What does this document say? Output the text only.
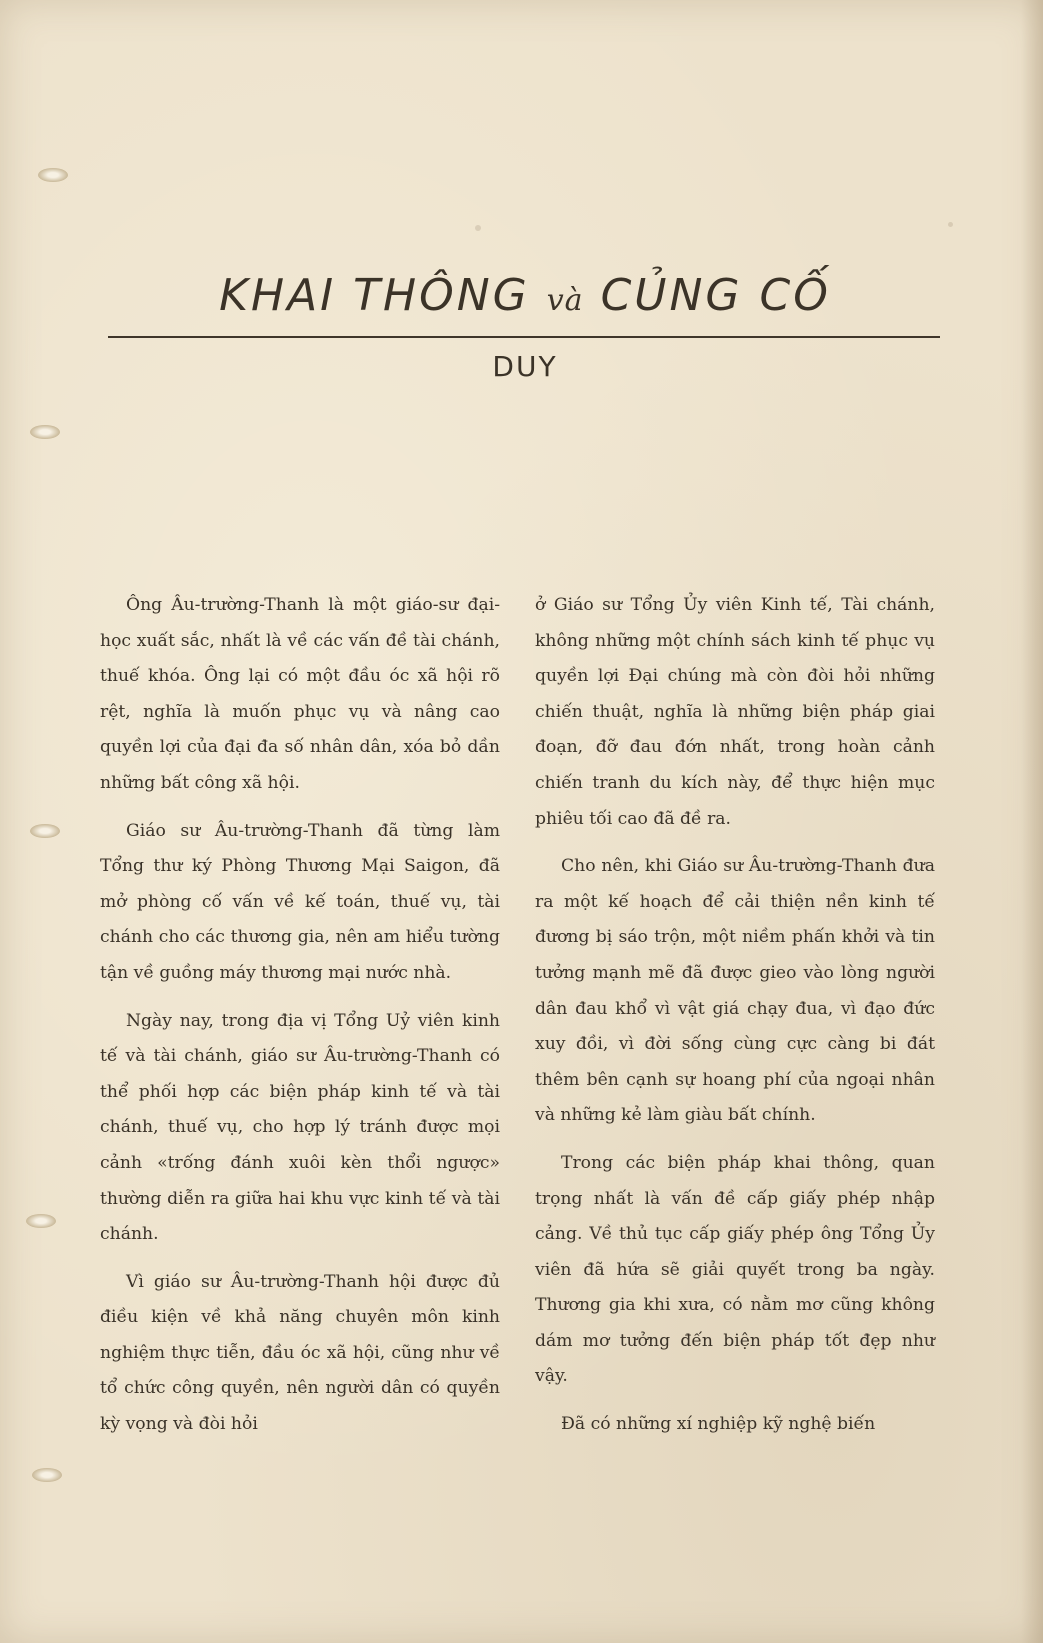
KHAI THÔNG và CỦNG CỐ
DUY

Ông Âu-trường-Thanh là một giáo-sư đại-học xuất sắc, nhất là về các vấn đề tài chánh, thuế khóa. Ông lại có một đầu óc xã hội rõ rệt, nghĩa là muốn phục vụ và nâng cao quyền lợi của đại đa số nhân dân, xóa bỏ dần những bất công xã hội.

Giáo sư Âu-trường-Thanh đã từng làm Tổng thư ký Phòng Thương Mại Saigon, đã mở phòng cố vấn về kế toán, thuế vụ, tài chánh cho các thương gia, nên am hiểu tường tận về guồng máy thương mại nước nhà.

Ngày nay, trong địa vị Tổng Uỷ viên kinh tế và tài chánh, giáo sư Âu-trường-Thanh có thể phối hợp các biện pháp kinh tế và tài chánh, thuế vụ, cho hợp lý tránh được mọi cảnh «trống đánh xuôi kèn thổi ngược» thường diễn ra giữa hai khu vực kinh tế và tài chánh.

Vì giáo sư Âu-trường-Thanh hội được đủ điều kiện về khả năng chuyên môn kinh nghiệm thực tiễn, đầu óc xã hội, cũng như về tổ chức công quyền, nên người dân có quyền kỳ vọng và đòi hỏi

ở Giáo sư Tổng Ủy viên Kinh tế, Tài chánh, không những một chính sách kinh tế phục vụ quyền lợi Đại chúng mà còn đòi hỏi những chiến thuật, nghĩa là những biện pháp giai đoạn, đỡ đau đớn nhất, trong hoàn cảnh chiến tranh du kích này, để thực hiện mục phiêu tối cao đã đề ra.

Cho nên, khi Giáo sư Âu-trường-Thanh đưa ra một kế hoạch để cải thiện nền kinh tế đương bị sáo trộn, một niềm phấn khởi và tin tưởng mạnh mẽ đã được gieo vào lòng người dân đau khổ vì vật giá chạy đua, vì đạo đức xuy đồi, vì đời sống cùng cực càng bi đát thêm bên cạnh sự hoang phí của ngoại nhân và những kẻ làm giàu bất chính.

Trong các biện pháp khai thông, quan trọng nhất là vấn đề cấp giấy phép nhập cảng. Về thủ tục cấp giấy phép ông Tổng Ủy viên đã hứa sẽ giải quyết trong ba ngày. Thương gia khi xưa, có nằm mơ cũng không dám mơ tưởng đến biện pháp tốt đẹp như vậy.

Đã có những xí nghiệp kỹ nghệ biến
